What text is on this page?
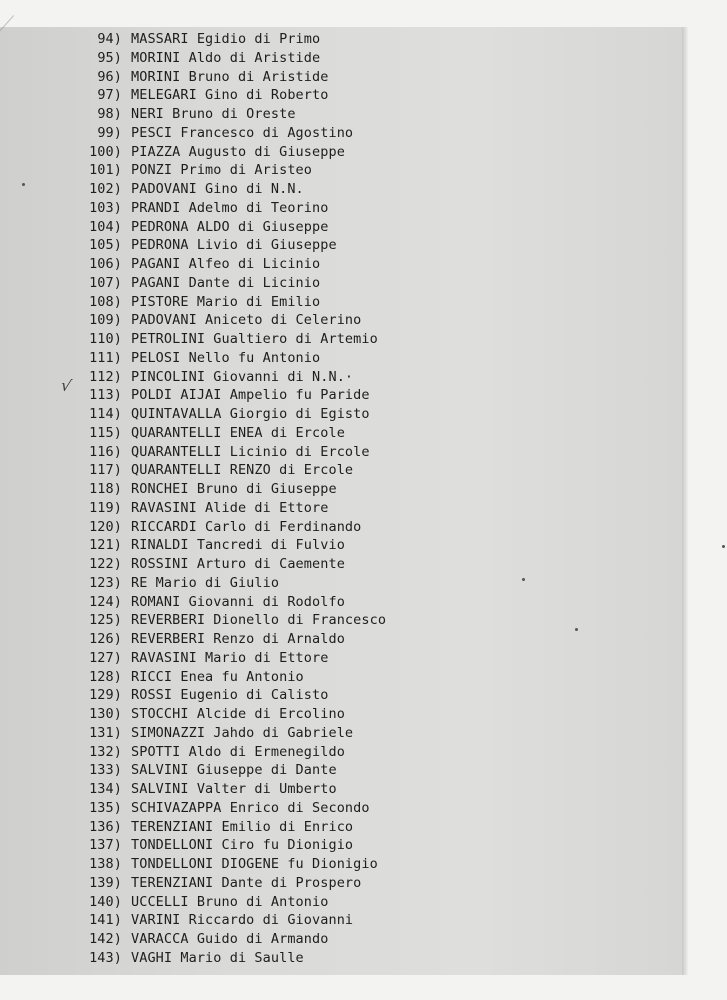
√
94) MASSARI Egidio di Primo
95) MORINI Aldo di Aristide
96) MORINI Bruno di Aristide
97) MELEGARI Gino di Roberto
98) NERI Bruno di Oreste
99) PESCI Francesco di Agostino
100) PIAZZA Augusto di Giuseppe
101) PONZI Primo di Aristeo
102) PADOVANI Gino di N.N.
103) PRANDI Adelmo di Teorino
104) PEDRONA ALDO di Giuseppe
105) PEDRONA Livio di Giuseppe
106) PAGANI Alfeo di Licinio
107) PAGANI Dante di Licinio
108) PISTORE Mario di Emilio
109) PADOVANI Aniceto di Celerino
110) PETROLINI Gualtiero di Artemio
111) PELOSI Nello fu Antonio
112) PINCOLINI Giovanni di N.N.·
113) POLDI AIJAI Ampelio fu Paride
114) QUINTAVALLA Giorgio di Egisto
115) QUARANTELLI ENEA di Ercole
116) QUARANTELLI Licinio di Ercole
117) QUARANTELLI RENZO di Ercole
118) RONCHEI Bruno di Giuseppe
119) RAVASINI Alide di Ettore
120) RICCARDI Carlo di Ferdinando
121) RINALDI Tancredi di Fulvio
122) ROSSINI Arturo di Caemente
123) RE Mario di Giulio
124) ROMANI Giovanni di Rodolfo
125) REVERBERI Dionello di Francesco
126) REVERBERI Renzo di Arnaldo
127) RAVASINI Mario di Ettore
128) RICCI Enea fu Antonio
129) ROSSI Eugenio di Calisto
130) STOCCHI Alcide di Ercolino
131) SIMONAZZI Jahdo di Gabriele
132) SPOTTI Aldo di Ermenegildo
133) SALVINI Giuseppe di Dante
134) SALVINI Valter di Umberto
135) SCHIVAZAPPA Enrico di Secondo
136) TERENZIANI Emilio di Enrico
137) TONDELLONI Ciro fu Dionigio
138) TONDELLONI DIOGENE fu Dionigio
139) TERENZIANI Dante di Prospero
140) UCCELLI Bruno di Antonio
141) VARINI Riccardo di Giovanni
142) VARACCA Guido di Armando
143) VAGHI Mario di Saulle
